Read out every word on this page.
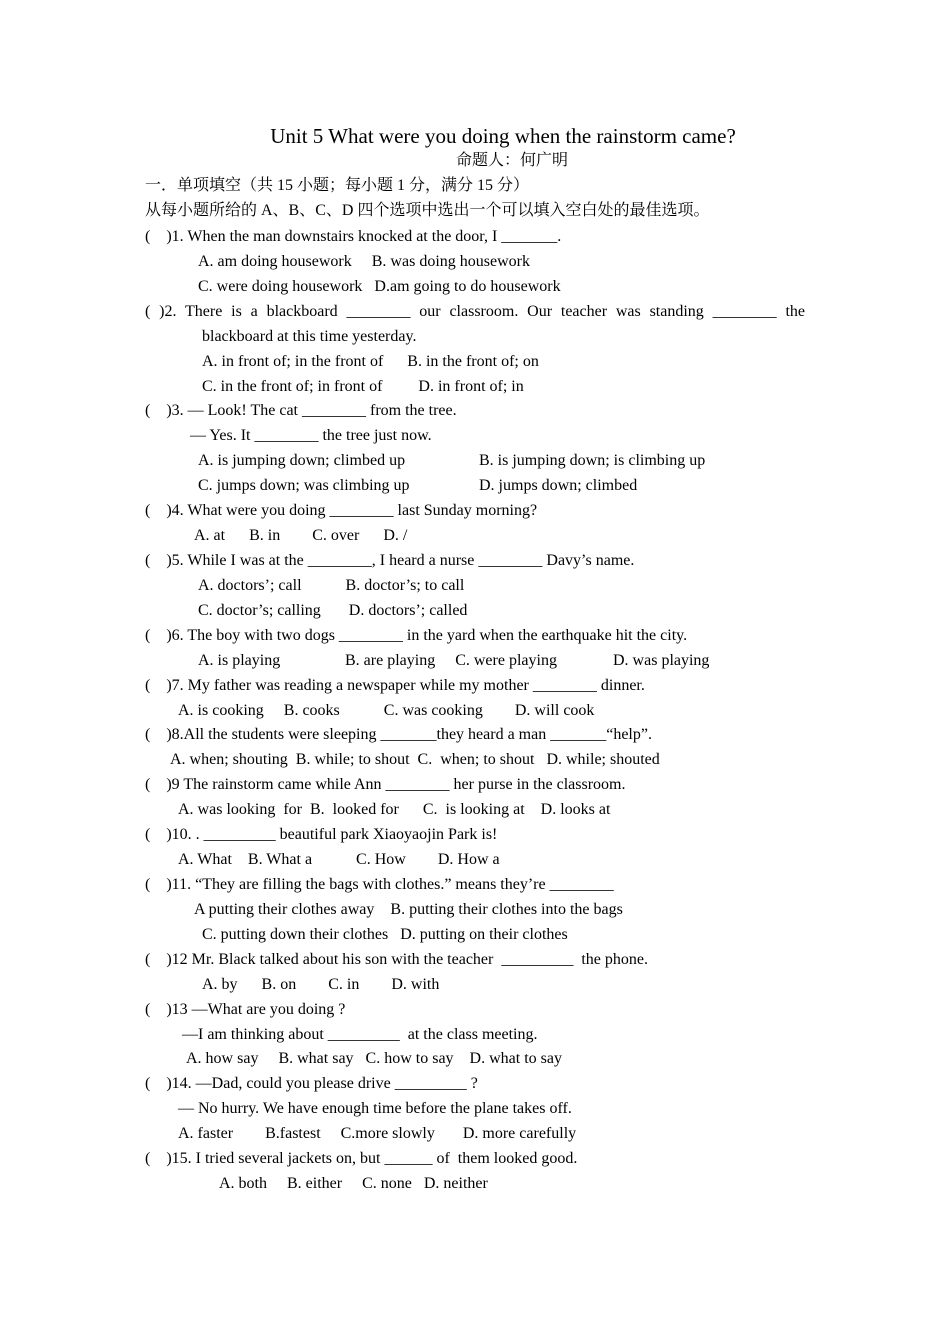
Unit 5 What were you doing when the rainstorm came?
命题人：何广明
一．单项填空（共 15 小题；每小题 1 分，满分 15 分）
从每小题所给的 A、B、C、D 四个选项中选出一个可以填入空白处的最佳选项。
(    )1. When the man downstairs knocked at the door, I _______.
A. am doing housework     B. was doing housework
C. were doing housework   D.am going to do housework
( )2. There is a blackboard ________ our classroom. Our teacher was standing ________ the
blackboard at this time yesterday.
A. in front of; in the front of      B. in the front of; on
C. in the front of; in front of         D. in front of; in
(    )3. — Look! The cat ________ from the tree.
— Yes. It ________ the tree just now.
A. is jumping down; climbed up	B. is jumping down; is climbing up
C. jumps down; was climbing up	D. jumps down; climbed
(    )4. What were you doing ________ last Sunday morning?
A. at      B. in        C. over      D. /
(    )5. While I was at the ________, I heard a nurse ________ Davy’s name.
A. doctors’; call           B. doctor’s; to call
C. doctor’s; calling       D. doctors’; called
(    )6. The boy with two dogs ________ in the yard when the earthquake hit the city.
A. is playing	B. are playing     C. were playing	D. was playing
(    )7. My father was reading a newspaper while my mother ________ dinner.
A. is cooking     B. cooks           C. was cooking        D. will cook
(    )8.All the students were sleeping _______they heard a man _______“help”.
A. when; shouting  B. while; to shout  C.  when; to shout   D. while; shouted
(    )9 The rainstorm came while Ann ________ her purse in the classroom.
A. was looking  for  B.  looked for      C.  is looking at    D. looks at
(    )10. . _________ beautiful park Xiaoyaojin Park is!
A. What    B. What a           C. How        D. How a
(    )11. “They are filling the bags with clothes.” means they’re ________
A putting their clothes away    B. putting their clothes into the bags
C. putting down their clothes   D. putting on their clothes
(    )12 Mr. Black talked about his son with the teacher  _________  the phone.
A. by      B. on        C. in        D. with
(    )13 —What are you doing ?
—I am thinking about _________  at the class meeting.
A. how say     B. what say   C. how to say    D. what to say
(    )14. —Dad, could you please drive _________ ?
— No hurry. We have enough time before the plane takes off.
A. faster        B.fastest     C.more slowly       D. more carefully
(    )15. I tried several jackets on, but ______ of  them looked good.
A. both     B. either     C. none   D. neither
